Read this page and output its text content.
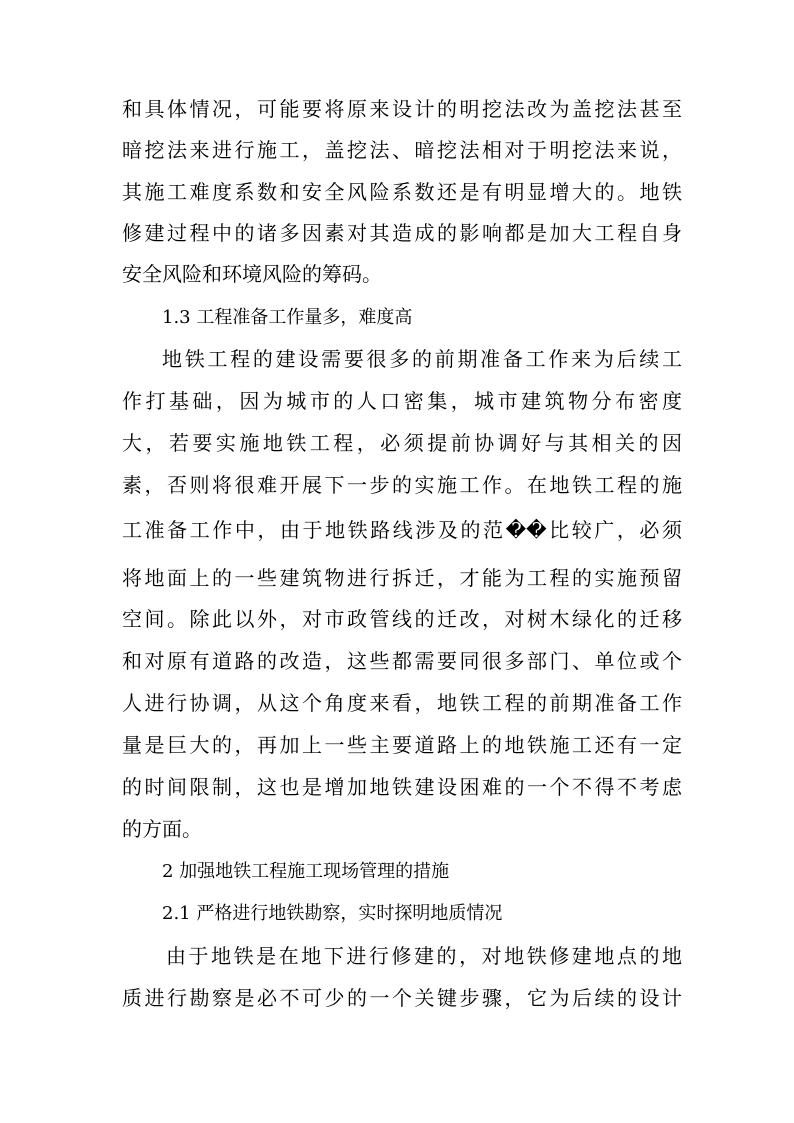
和具体情况，可能要将原来设计的明挖法改为盖挖法甚至
暗挖法来进行施工，盖挖法、暗挖法相对于明挖法来说，
其施工难度系数和安全风险系数还是有明显增大的。地铁
修建过程中的诸多因素对其造成的影响都是加大工程自身
安全风险和环境风险的筹码。
1.3 工程准备工作量多，难度高
地铁工程的建设需要很多的前期准备工作来为后续工
作打基础，因为城市的人口密集，城市建筑物分布密度
大，若要实施地铁工程，必须提前协调好与其相关的因
素，否则将很难开展下一步的实施工作。在地铁工程的施
工准备工作中，由于地铁路线涉及的范��比较广，必须
将地面上的一些建筑物进行拆迁，才能为工程的实施预留
空间。除此以外，对市政管线的迁改，对树木绿化的迁移
和对原有道路的改造，这些都需要同很多部门、单位或个
人进行协调，从这个角度来看，地铁工程的前期准备工作
量是巨大的，再加上一些主要道路上的地铁施工还有一定
的时间限制，这也是增加地铁建设困难的一个不得不考虑
的方面。
2 加强地铁工程施工现场管理的措施
2.1 严格进行地铁勘察，实时探明地质情况
由于地铁是在地下进行修建的，对地铁修建地点的地
质进行勘察是必不可少的一个关键步骤，它为后续的设计
